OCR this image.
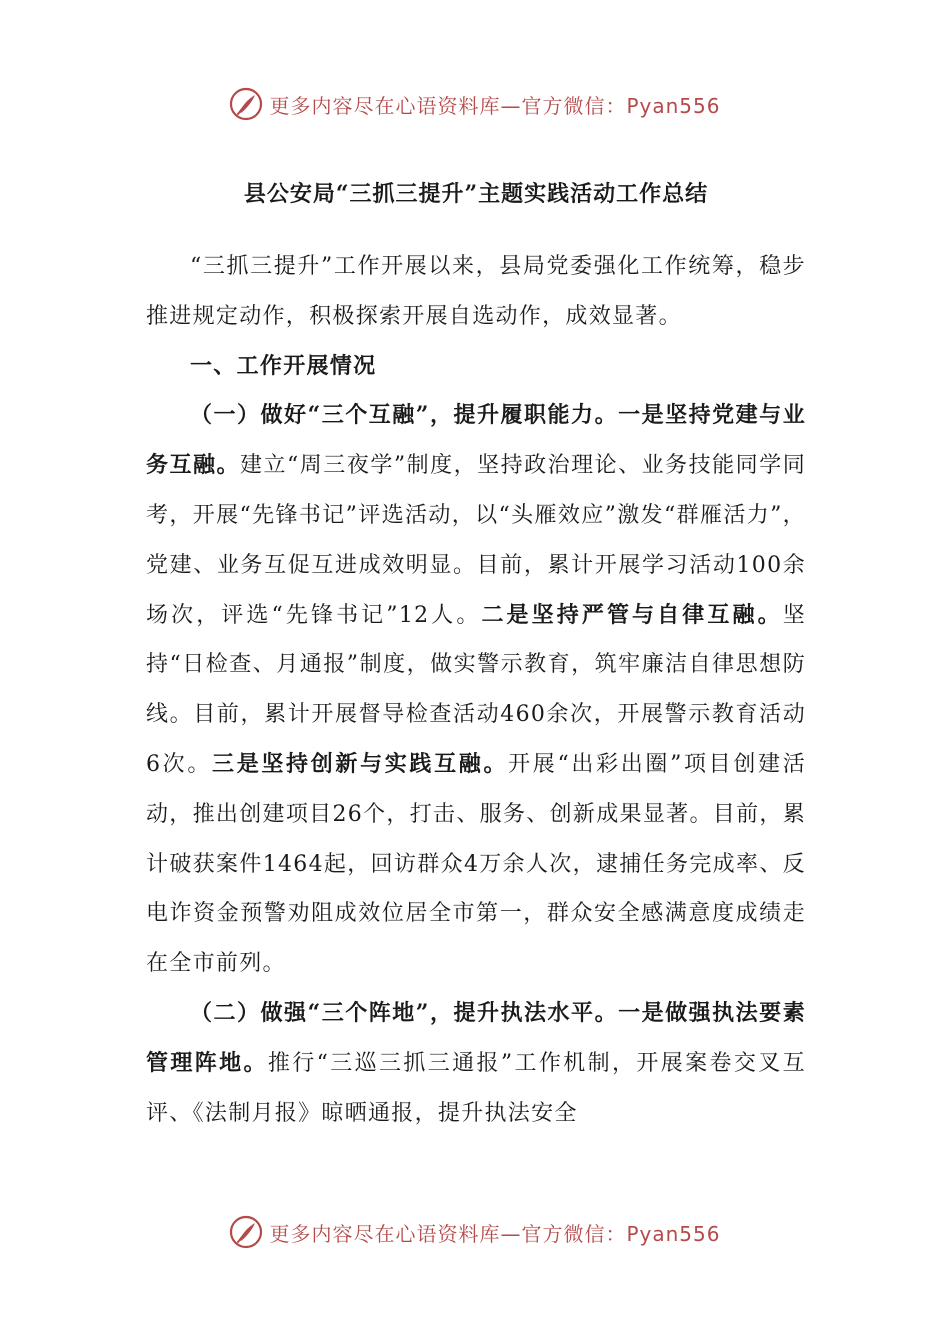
更多内容尽在心语资料库—官方微信：Pyan556
县公安局“三抓三提升”主题实践活动工作总结

“三抓三提升”工作开展以来，县局党委强化工作统筹，稳步推进规定动作，积极探索开展自选动作，成效显著。

一、工作开展情况

（一）做好“三个互融”，提升履职能力。一是坚持党建与业务互融。建立“周三夜学”制度，坚持政治理论、业务技能同学同考，开展“先锋书记”评选活动，以“头雁效应”激发“群雁活力”，党建、业务互促互进成效明显。目前，累计开展学习活动100余场次，评选“先锋书记”12人。二是坚持严管与自律互融。坚持“日检查、月通报”制度，做实警示教育，筑牢廉洁自律思想防线。目前，累计开展督导检查活动460余次，开展警示教育活动6次。三是坚持创新与实践互融。开展“出彩出圈”项目创建活动，推出创建项目26个，打击、服务、创新成果显著。目前，累计破获案件1464起，回访群众4万余人次，逮捕任务完成率、反电诈资金预警劝阻成效位居全市第一，群众安全感满意度成绩走在全市前列。

（二）做强“三个阵地”，提升执法水平。一是做强执法要素管理阵地。推行“三巡三抓三通报”工作机制，开展案卷交叉互评、《法制月报》晾晒通报，提升执法安全

更多内容尽在心语资料库—官方微信：Pyan556
